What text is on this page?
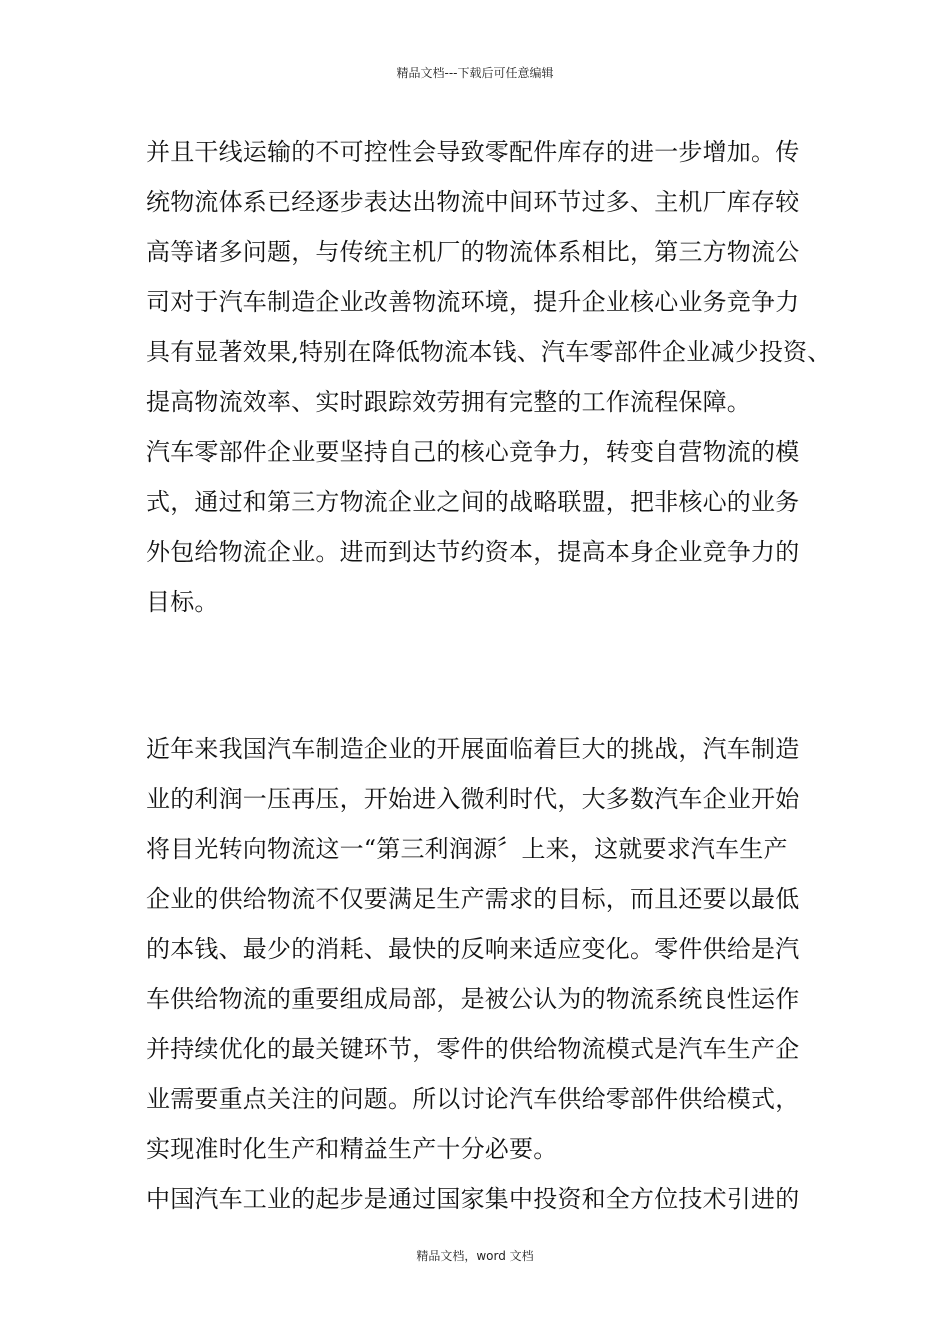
精品文档---下载后可任意编辑
并且干线运输的不可控性会导致零配件库存的进一步增加。传
统物流体系已经逐步表达出物流中间环节过多、主机厂库存较
高等诸多问题，与传统主机厂的物流体系相比，第三方物流公
司对于汽车制造企业改善物流环境，提升企业核心业务竞争力
具有显著效果,特别在降低物流本钱、汽车零部件企业减少投资、
提高物流效率、实时跟踪效劳拥有完整的工作流程保障。
汽车零部件企业要坚持自己的核心竞争力，转变自营物流的模
式，通过和第三方物流企业之间的战略联盟，把非核心的业务
外包给物流企业。进而到达节约资本，提高本身企业竞争力的
目标。
近年来我国汽车制造企业的开展面临着巨大的挑战，汽车制造
业的利润一压再压，开始进入微利时代，大多数汽车企业开始
将目光转向物流这一“第三利润源〞上来，这就要求汽车生产
企业的供给物流不仅要满足生产需求的目标，而且还要以最低
的本钱、最少的消耗、最快的反响来适应变化。零件供给是汽
车供给物流的重要组成局部，是被公认为的物流系统良性运作
并持续优化的最关键环节，零件的供给物流模式是汽车生产企
业需要重点关注的问题。所以讨论汽车供给零部件供给模式，
实现准时化生产和精益生产十分必要。
中国汽车工业的起步是通过国家集中投资和全方位技术引进的
精品文档，word 文档
